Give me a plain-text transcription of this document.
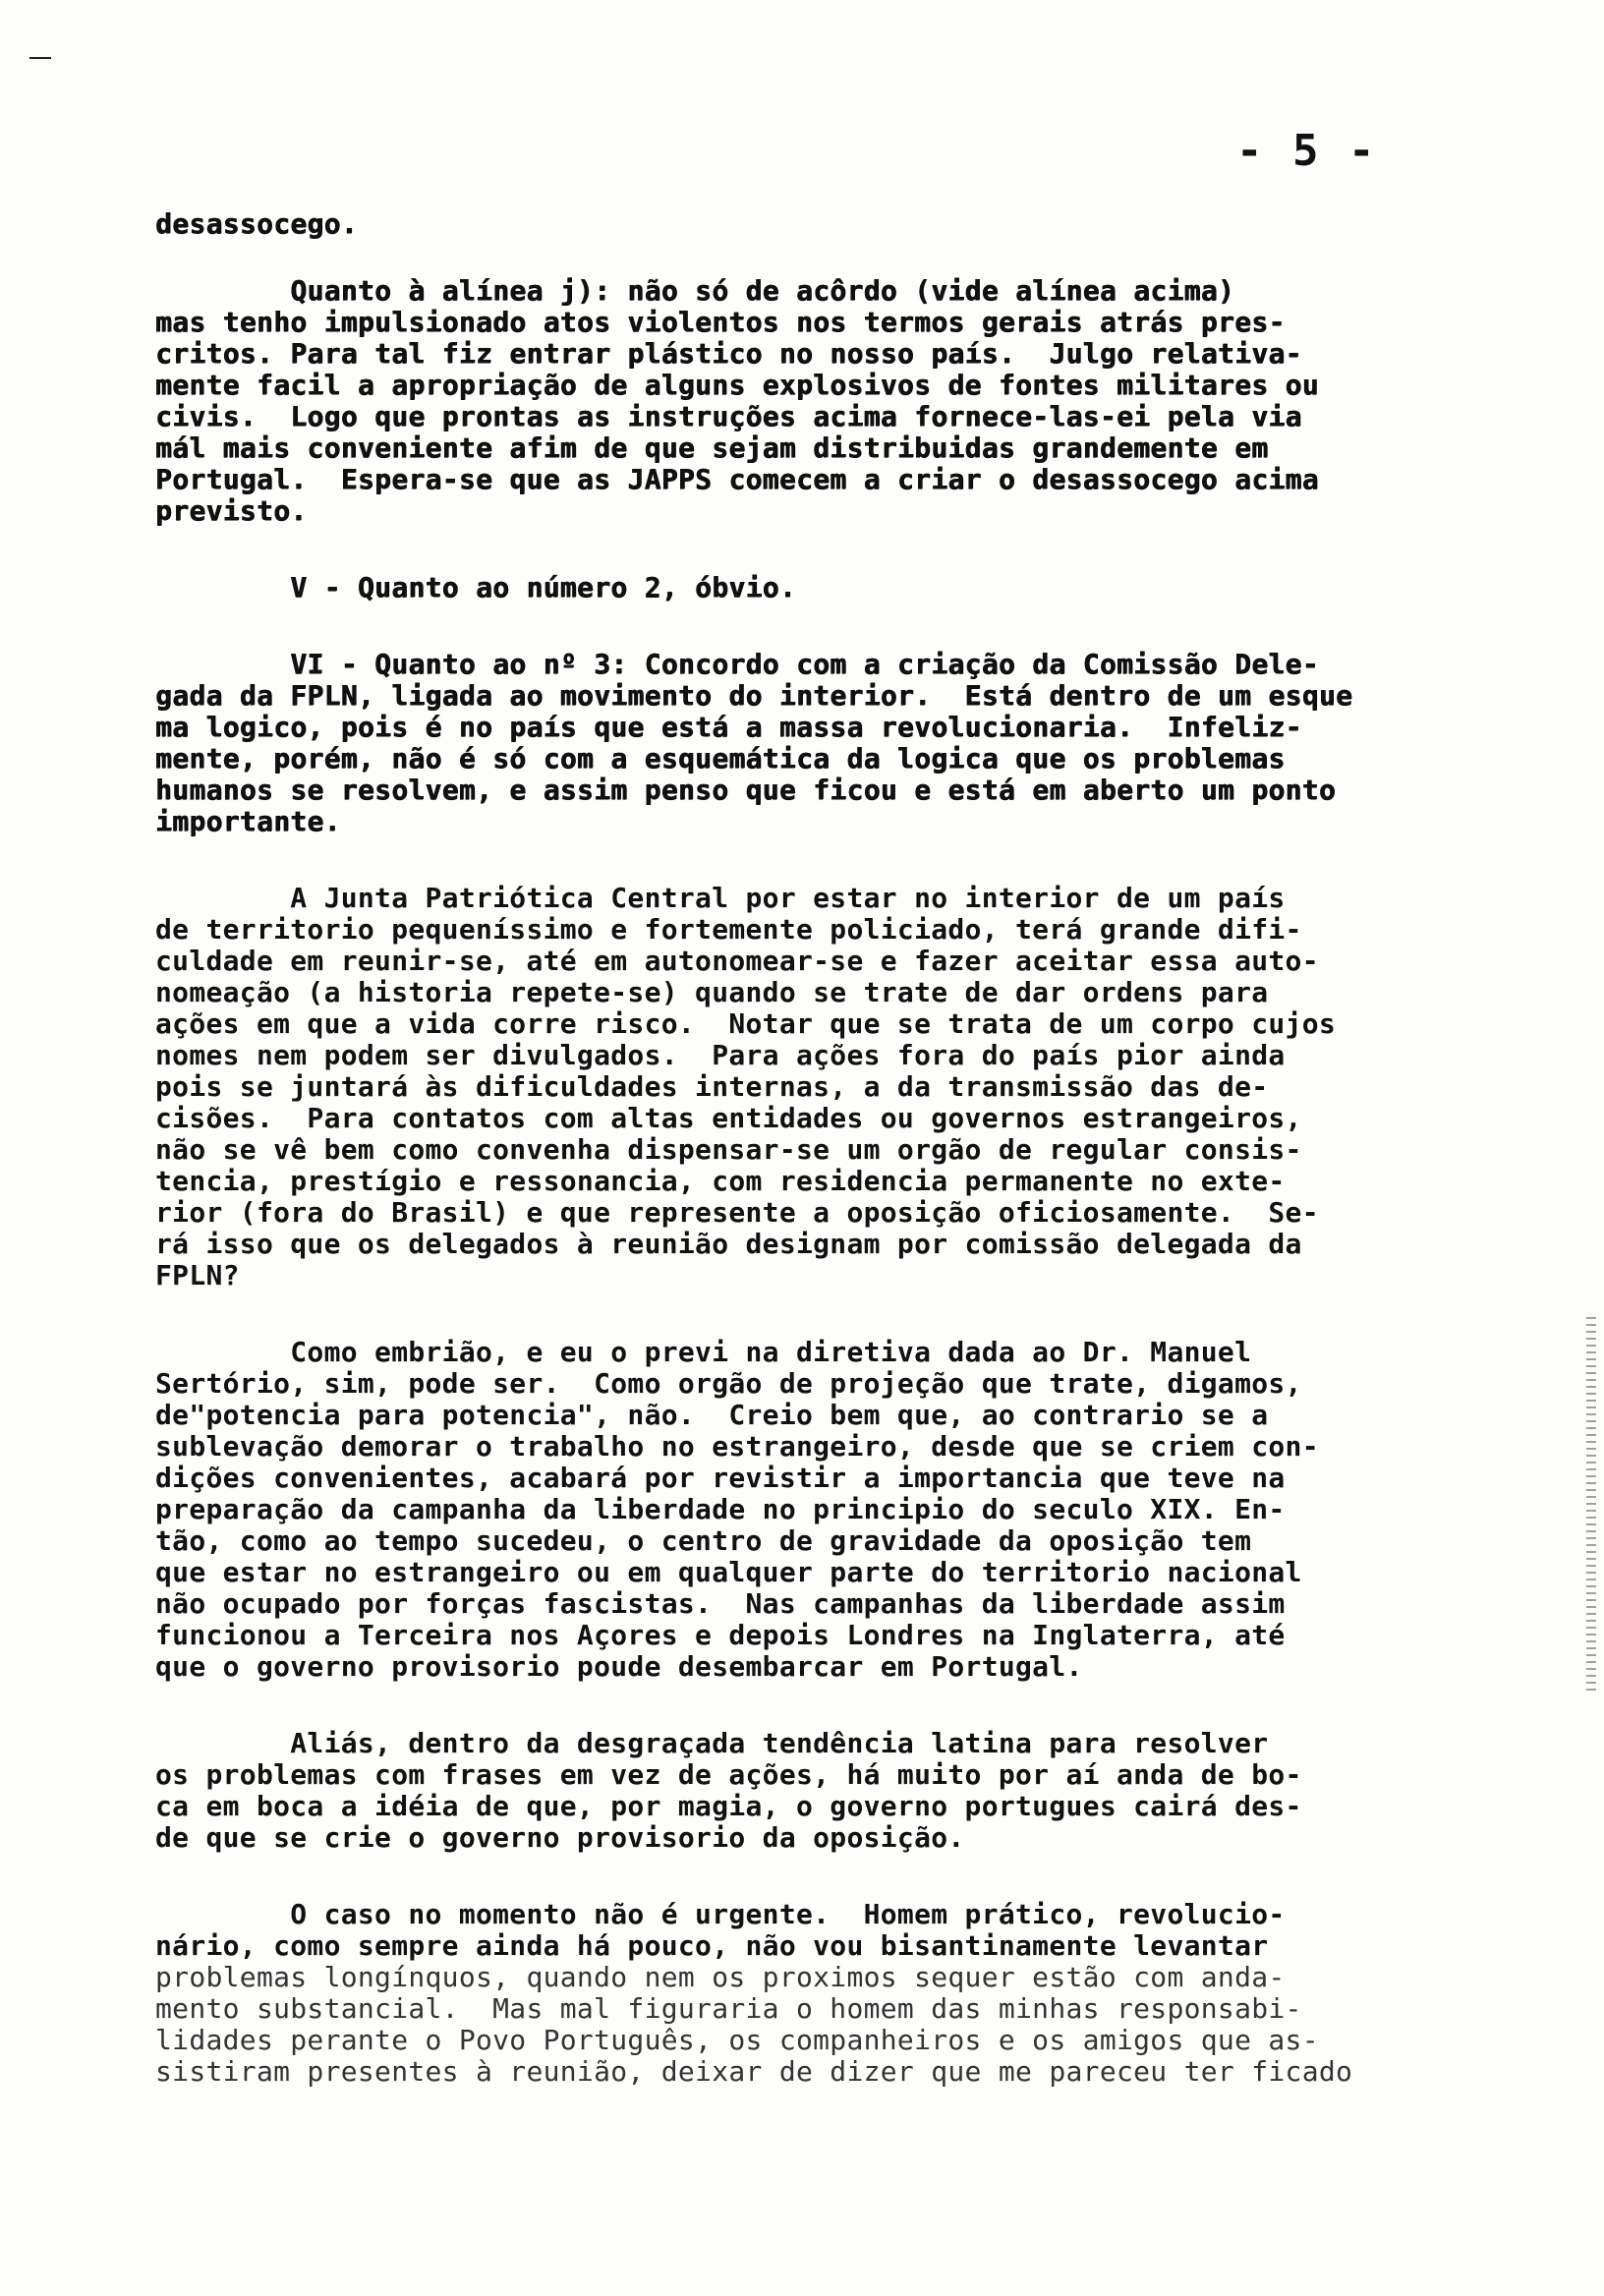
- 5 -
desassocego.
Quanto à alínea j): não só de acôrdo (vide alínea acima)
mas tenho impulsionado atos violentos nos termos gerais atrás pres-
critos. Para tal fiz entrar plástico no nosso país.  Julgo relativa-
mente facil a apropriação de alguns explosivos de fontes militares ou
civis.  Logo que prontas as instruções acima fornece-las-ei pela via
mál mais conveniente afim de que sejam distribuidas grandemente em
Portugal.  Espera-se que as JAPPS comecem a criar o desassocego acima
previsto.
V - Quanto ao número 2, óbvio.
VI - Quanto ao nº 3: Concordo com a criação da Comissão Dele-
gada da FPLN, ligada ao movimento do interior.  Está dentro de um esque
ma logico, pois é no país que está a massa revolucionaria.  Infeliz-
mente, porém, não é só com a esquemática da logica que os problemas
humanos se resolvem, e assim penso que ficou e está em aberto um ponto
importante.
A Junta Patriótica Central por estar no interior de um país
de territorio pequeníssimo e fortemente policiado, terá grande difi-
culdade em reunir-se, até em autonomear-se e fazer aceitar essa auto-
nomeação (a historia repete-se) quando se trate de dar ordens para
ações em que a vida corre risco.  Notar que se trata de um corpo cujos
nomes nem podem ser divulgados.  Para ações fora do país pior ainda
pois se juntará às dificuldades internas, a da transmissão das de-
cisões.  Para contatos com altas entidades ou governos estrangeiros,
não se vê bem como convenha dispensar-se um orgão de regular consis-
tencia, prestígio e ressonancia, com residencia permanente no exte-
rior (fora do Brasil) e que represente a oposição oficiosamente.  Se-
rá isso que os delegados à reunião designam por comissão delegada da
FPLN?
Como embrião, e eu o previ na diretiva dada ao Dr. Manuel
Sertório, sim, pode ser.  Como orgão de projeção que trate, digamos,
de"potencia para potencia", não.  Creio bem que, ao contrario se a
sublevação demorar o trabalho no estrangeiro, desde que se criem con-
dições convenientes, acabará por revistir a importancia que teve na
preparação da campanha da liberdade no principio do seculo XIX. En-
tão, como ao tempo sucedeu, o centro de gravidade da oposição tem
que estar no estrangeiro ou em qualquer parte do territorio nacional
não ocupado por forças fascistas.  Nas campanhas da liberdade assim
funcionou a Terceira nos Açores e depois Londres na Inglaterra, até
que o governo provisorio poude desembarcar em Portugal.
Aliás, dentro da desgraçada tendência latina para resolver
os problemas com frases em vez de ações, há muito por aí anda de bo-
ca em boca a idéia de que, por magia, o governo portugues cairá des-
de que se crie o governo provisorio da oposição.
O caso no momento não é urgente.  Homem prático, revolucio-
nário, como sempre ainda há pouco, não vou bisantinamente levantar
problemas longínquos, quando nem os proximos sequer estão com anda-
mento substancial.  Mas mal figuraria o homem das minhas responsabi-
lidades perante o Povo Português, os companheiros e os amigos que as-
sistiram presentes à reunião, deixar de dizer que me pareceu ter ficado
